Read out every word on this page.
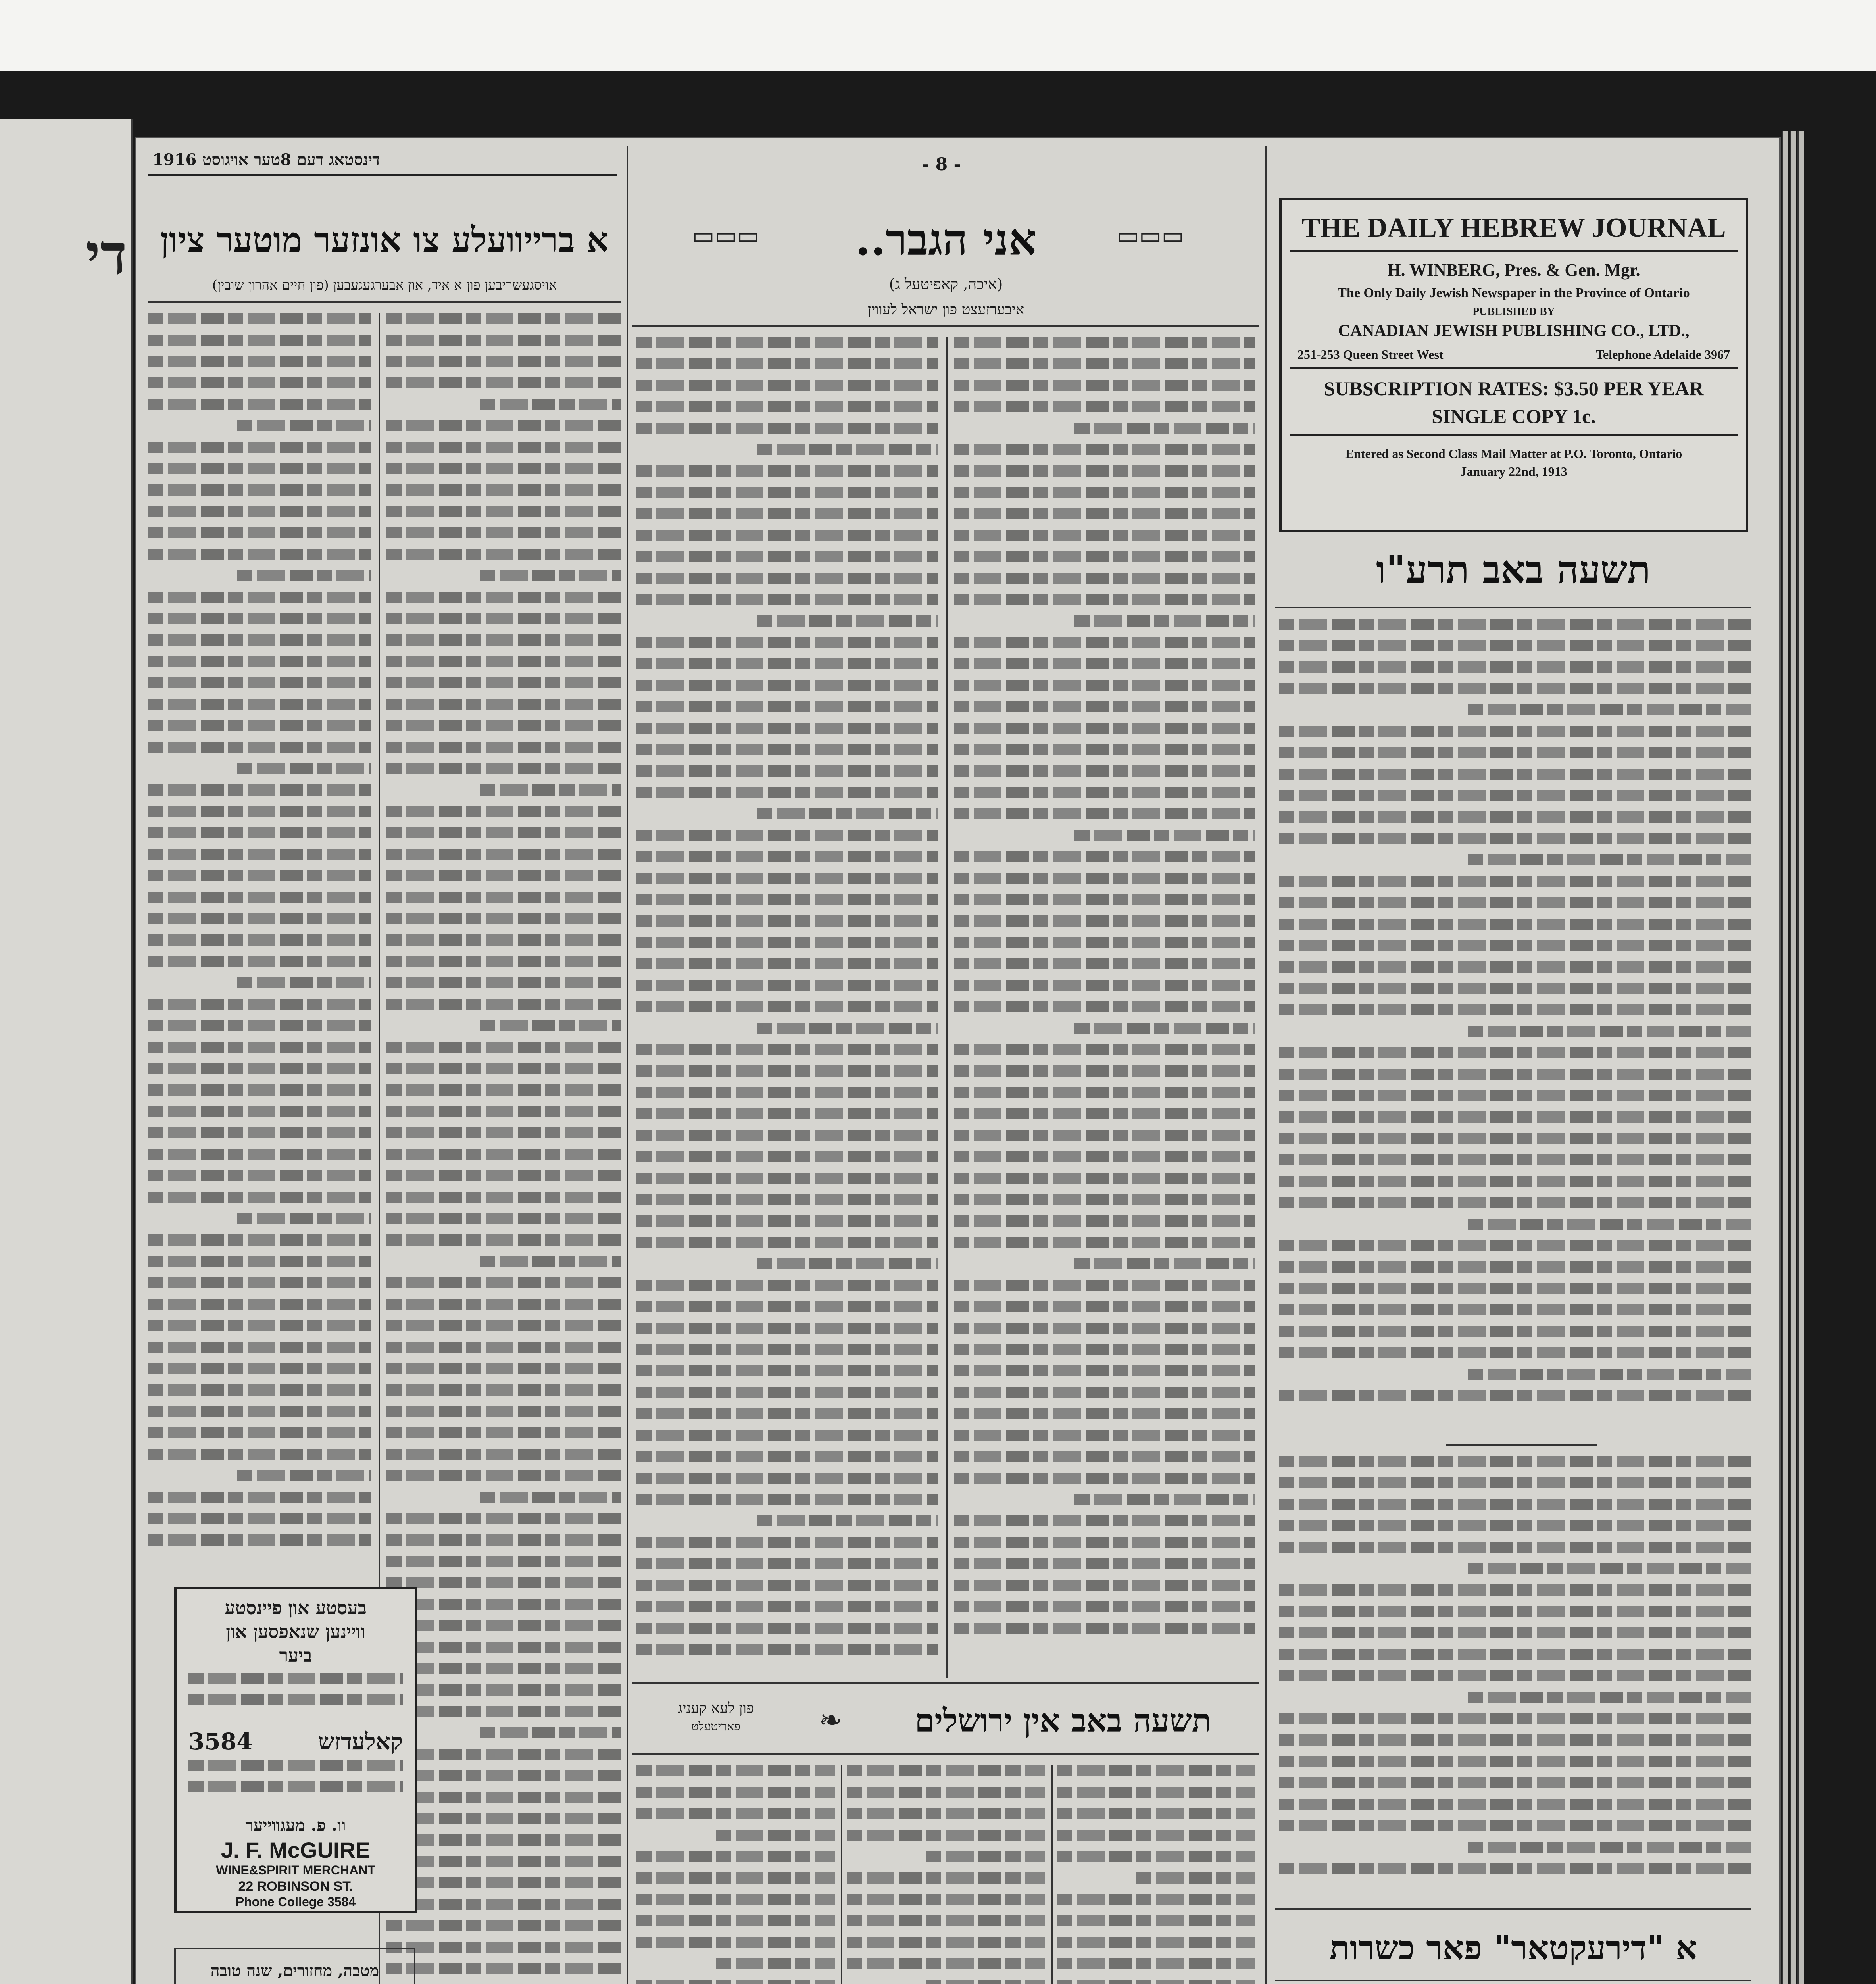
די
דינסטאג דעם 8טער אויגוסט 1916	- 8 -
א ברייוועלע צו אונזער מוטער ציון
אויסגעשריבען פון א איד, און אבערגעגעבען (פון חיים אהרון שובין)
בעסטע און פיינסטע
וויינען שנאפסען און
ביער
3584	קאלעדזש
וו. פ. מעגווייער
J. F. McGUIRE
WINE&SPIRIT MERCHANT
22 ROBINSON ST.
Phone College 3584
מטבה, מחזורים, שנה טובה
▭▭▭	אני הגבר..	▭▭▭
(איכה, קאפיטעל ג)
איבערזעצט פון ישראל לעווין
תשעה באב אין ירושלים
❧
פון לעא קעניג
פאריטעלט
THE DAILY HEBREW JOURNAL
H. WINBERG, Pres. & Gen. Mgr.
The Only Daily Jewish Newspaper in the Province of Ontario
PUBLISHED BY
CANADIAN JEWISH PUBLISHING CO., LTD.,
251-253 Queen Street West	Telephone Adelaide 3967
SUBSCRIPTION RATES: $3.50 PER YEAR
SINGLE COPY 1c.
Entered as Second Class Mail Matter at P.O. Toronto, Ontario
January 22nd, 1913
תשעה באב תרע"ו
א "דירעקטאר" פאר כשרות
